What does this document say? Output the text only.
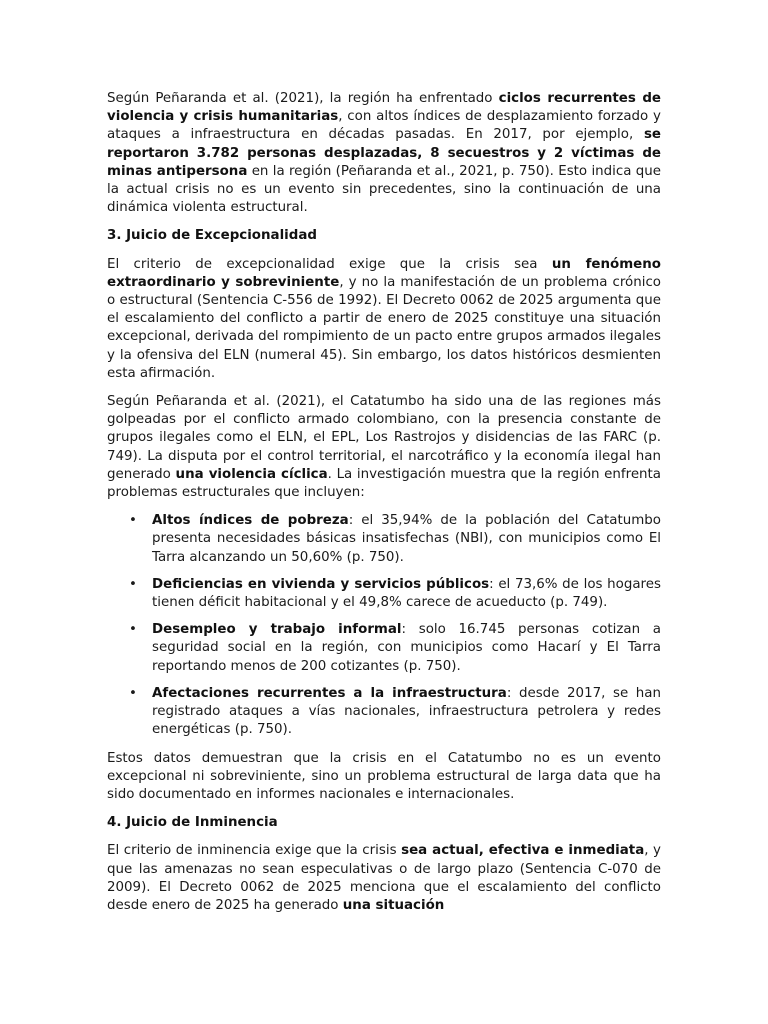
Según Peñaranda et al. (2021), la región ha enfrentado ciclos recurrentes de violencia y crisis humanitarias, con altos índices de desplazamiento forzado y ataques a infraestructura en décadas pasadas. En 2017, por ejemplo, se reportaron 3.782 personas desplazadas, 8 secuestros y 2 víctimas de minas antipersona en la región (Peñaranda et al., 2021, p. 750). Esto indica que la actual crisis no es un evento sin precedentes, sino la continuación de una dinámica violenta estructural.

3. Juicio de Excepcionalidad

El criterio de excepcionalidad exige que la crisis sea un fenómeno extraordinario y sobreviniente, y no la manifestación de un problema crónico o estructural (Sentencia C-556 de 1992). El Decreto 0062 de 2025 argumenta que el escalamiento del conflicto a partir de enero de 2025 constituye una situación excepcional, derivada del rompimiento de un pacto entre grupos armados ilegales y la ofensiva del ELN (numeral 45). Sin embargo, los datos históricos desmienten esta afirmación.

Según Peñaranda et al. (2021), el Catatumbo ha sido una de las regiones más golpeadas por el conflicto armado colombiano, con la presencia constante de grupos ilegales como el ELN, el EPL, Los Rastrojos y disidencias de las FARC (p. 749). La disputa por el control territorial, el narcotráfico y la economía ilegal han generado una violencia cíclica. La investigación muestra que la región enfrenta problemas estructurales que incluyen:

• Altos índices de pobreza: el 35,94% de la población del Catatumbo presenta necesidades básicas insatisfechas (NBI), con municipios como El Tarra alcanzando un 50,60% (p. 750).
• Deficiencias en vivienda y servicios públicos: el 73,6% de los hogares tienen déficit habitacional y el 49,8% carece de acueducto (p. 749).
• Desempleo y trabajo informal: solo 16.745 personas cotizan a seguridad social en la región, con municipios como Hacarí y El Tarra reportando menos de 200 cotizantes (p. 750).
• Afectaciones recurrentes a la infraestructura: desde 2017, se han registrado ataques a vías nacionales, infraestructura petrolera y redes energéticas (p. 750).

Estos datos demuestran que la crisis en el Catatumbo no es un evento excepcional ni sobreviniente, sino un problema estructural de larga data que ha sido documentado en informes nacionales e internacionales.

4. Juicio de Inminencia

El criterio de inminencia exige que la crisis sea actual, efectiva e inmediata, y que las amenazas no sean especulativas o de largo plazo (Sentencia C-070 de 2009). El Decreto 0062 de 2025 menciona que el escalamiento del conflicto desde enero de 2025 ha generado una situación
